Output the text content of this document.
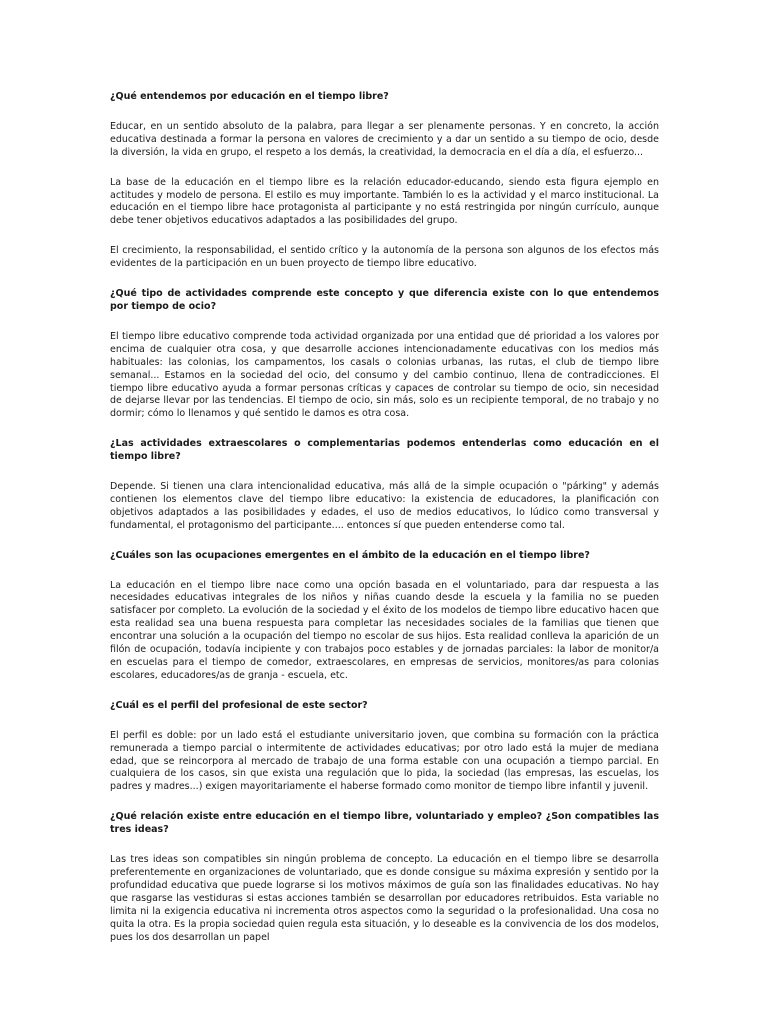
¿Qué entendemos por educación en el tiempo libre?

Educar, en un sentido absoluto de la palabra, para llegar a ser plenamente personas. Y en concreto, la acción educativa destinada a formar la persona en valores de crecimiento y a dar un sentido a su tiempo de ocio, desde la diversión, la vida en grupo, el respeto a los demás, la creatividad, la democracia en el día a día, el esfuerzo...

La base de la educación en el tiempo libre es la relación educador-educando, siendo esta figura ejemplo en actitudes y modelo de persona. El estilo es muy importante. También lo es la actividad y el marco institucional. La educación en el tiempo libre hace protagonista al participante y no está restringida por ningún currículo, aunque debe tener objetivos educativos adaptados a las posibilidades del grupo.

El crecimiento, la responsabilidad, el sentido crítico y la autonomía de la persona son algunos de los efectos más evidentes de la participación en un buen proyecto de tiempo libre educativo.

¿Qué tipo de actividades comprende este concepto y que diferencia existe con lo que entendemos por tiempo de ocio?

El tiempo libre educativo comprende toda actividad organizada por una entidad que dé prioridad a los valores por encima de cualquier otra cosa, y que desarrolle acciones intencionadamente educativas con los medios más habituales: las colonias, los campamentos, los casals o colonias urbanas, las rutas, el club de tiempo libre semanal... Estamos en la sociedad del ocio, del consumo y del cambio continuo, llena de contradicciones. El tiempo libre educativo ayuda a formar personas críticas y capaces de controlar su tiempo de ocio, sin necesidad de dejarse llevar por las tendencias. El tiempo de ocio, sin más, solo es un recipiente temporal, de no trabajo y no dormir; cómo lo llenamos y qué sentido le damos es otra cosa.

¿Las actividades extraescolares o complementarias podemos entenderlas como educación en el tiempo libre?

Depende. Si tienen una clara intencionalidad educativa, más allá de la simple ocupación o "párking" y además contienen los elementos clave del tiempo libre educativo: la existencia de educadores, la planificación con objetivos adaptados a las posibilidades y edades, el uso de medios educativos, lo lúdico como transversal y fundamental, el protagonismo del participante.... entonces sí que pueden entenderse como tal.

¿Cuáles son las ocupaciones emergentes en el ámbito de la educación en el tiempo libre?

La educación en el tiempo libre nace como una opción basada en el voluntariado, para dar respuesta a las necesidades educativas integrales de los niños y niñas cuando desde la escuela y la familia no se pueden satisfacer por completo. La evolución de la sociedad y el éxito de los modelos de tiempo libre educativo hacen que esta realidad sea una buena respuesta para completar las necesidades sociales de la familias que tienen que encontrar una solución a la ocupación del tiempo no escolar de sus hijos. Esta realidad conlleva la aparición de un filón de ocupación, todavía incipiente y con trabajos poco estables y de jornadas parciales: la labor de monitor/a en escuelas para el tiempo de comedor, extraescolares, en empresas de servicios, monitores/as para colonias escolares, educadores/as de granja - escuela, etc.

¿Cuál es el perfil del profesional de este sector?

El perfil es doble: por un lado está el estudiante universitario joven, que combina su formación con la práctica remunerada a tiempo parcial o intermitente de actividades educativas; por otro lado está la mujer de mediana edad, que se reincorpora al mercado de trabajo de una forma estable con una ocupación a tiempo parcial. En cualquiera de los casos, sin que exista una regulación que lo pida, la sociedad (las empresas, las escuelas, los padres y madres...) exigen mayoritariamente el haberse formado como monitor de tiempo libre infantil y juvenil.

¿Qué relación existe entre educación en el tiempo libre, voluntariado y empleo? ¿Son compatibles las tres ideas?

Las tres ideas son compatibles sin ningún problema de concepto. La educación en el tiempo libre se desarrolla preferentemente en organizaciones de voluntariado, que es donde consigue su máxima expresión y sentido por la profundidad educativa que puede lograrse si los motivos máximos de guía son las finalidades educativas. No hay que rasgarse las vestiduras si estas acciones también se desarrollan por educadores retribuidos. Esta variable no limita ni la exigencia educativa ni incrementa otros aspectos como la seguridad o la profesionalidad. Una cosa no quita la otra. Es la propia sociedad quien regula esta situación, y lo deseable es la convivencia de los dos modelos, pues los dos desarrollan un papel
